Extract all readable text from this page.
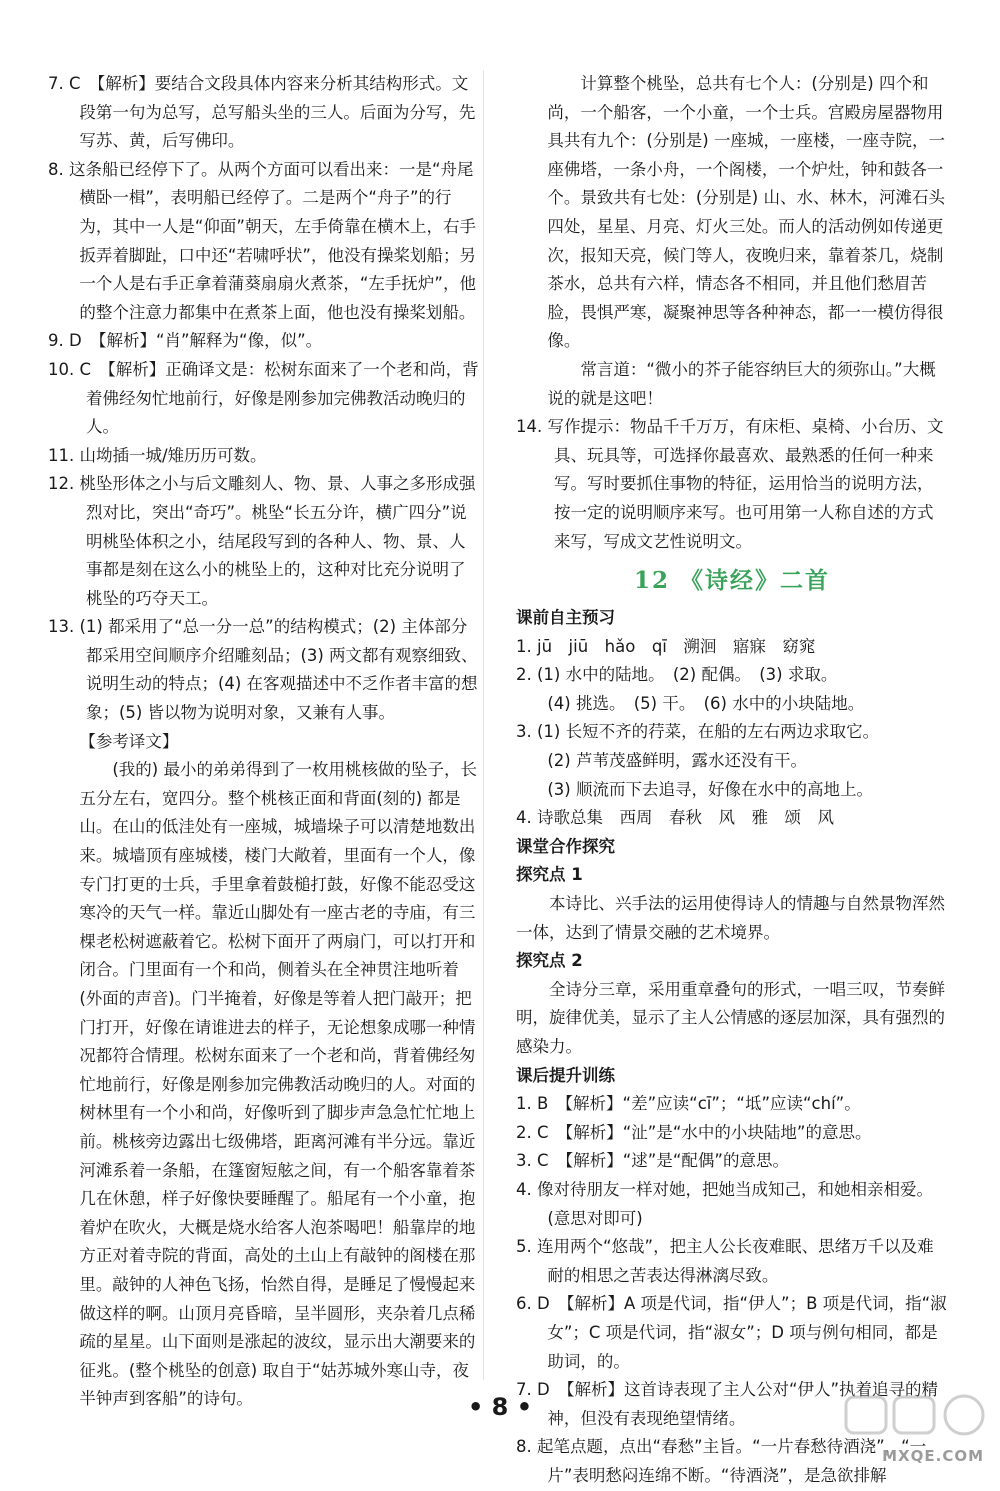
7. C　【解析】要结合文段具体内容来分析其结构形式。文段第一句为总写，总写船头坐的三人。后面为分写，先写苏、黄，后写佛印。

8. 这条船已经停下了。从两个方面可以看出来：一是“舟尾横卧一楫”，表明船已经停了。二是两个“舟子”的行为，其中一人是“仰面”朝天，左手倚靠在横木上，右手扳弄着脚趾，口中还“若啸呼状”，他没有操桨划船；另一个人是右手正拿着蒲葵扇扇火煮茶，“左手抚炉”，他的整个注意力都集中在煮茶上面，他也没有操桨划船。

9. D　【解析】“肖”解释为“像，似”。

10. C　【解析】正确译文是：松树东面来了一个老和尚，背着佛经匆忙地前行，好像是刚参加完佛教活动晚归的人。

11. 山坳插一城/雉历历可数。

12. 桃坠形体之小与后文雕刻人、物、景、人事之多形成强烈对比，突出“奇巧”。桃坠“长五分许，横广四分”说明桃坠体积之小，结尾段写到的各种人、物、景、人事都是刻在这么小的桃坠上的，这种对比充分说明了桃坠的巧夺天工。

13. (1) 都采用了“总一分一总”的结构模式；(2) 主体部分都采用空间顺序介绍雕刻品；(3) 两文都有观察细致、说明生动的特点；(4) 在客观描述中不乏作者丰富的想象；(5) 皆以物为说明对象，又兼有人事。

【参考译文】

(我的) 最小的弟弟得到了一枚用桃核做的坠子，长五分左右，宽四分。整个桃核正面和背面(刻的) 都是山。在山的低洼处有一座城，城墙垛子可以清楚地数出来。城墙顶有座城楼，楼门大敞着，里面有一个人，像专门打更的士兵，手里拿着鼓槌打鼓，好像不能忍受这寒冷的天气一样。靠近山脚处有一座古老的寺庙，有三棵老松树遮蔽着它。松树下面开了两扇门，可以打开和闭合。门里面有一个和尚，侧着头在全神贯注地听着 (外面的声音)。门半掩着，好像是等着人把门敲开；把门打开，好像在请谁进去的样子，无论想象成哪一种情况都符合情理。松树东面来了一个老和尚，背着佛经匆忙地前行，好像是刚参加完佛教活动晚归的人。对面的树林里有一个小和尚，好像听到了脚步声急急忙忙地上前。桃核旁边露出七级佛塔，距离河滩有半分远。靠近河滩系着一条船，在篷窗短舷之间，有一个船客靠着茶几在休憩，样子好像快要睡醒了。船尾有一个小童，抱着炉在吹火，大概是烧水给客人泡茶喝吧！船靠岸的地方正对着寺院的背面，高处的土山上有敲钟的阁楼在那里。敲钟的人神色飞扬，怡然自得，是睡足了慢慢起来做这样的啊。山顶月亮昏暗，呈半圆形，夹杂着几点稀疏的星星。山下面则是涨起的波纹，显示出大潮要来的征兆。(整个桃坠的创意) 取自于“姑苏城外寒山寺，夜半钟声到客船”的诗句。

计算整个桃坠，总共有七个人：(分别是) 四个和尚，一个船客，一个小童，一个士兵。宫殿房屋器物用具共有九个：(分别是) 一座城，一座楼，一座寺院，一座佛塔，一条小舟，一个阁楼，一个炉灶，钟和鼓各一个。景致共有七处：(分别是) 山、水、林木，河滩石头四处，星星、月亮、灯火三处。而人的活动例如传递更次，报知天亮，候门等人，夜晚归来，靠着茶几，烧制茶水，总共有六样，情态各不相同，并且他们愁眉苦脸，畏惧严寒，凝聚神思等各种神态，都一一模仿得很像。

常言道：“微小的芥子能容纳巨大的须弥山。”大概说的就是这吧！

14. 写作提示：物品千千万万，有床柜、桌椅、小台历、文具、玩具等，可选择你最喜欢、最熟悉的任何一种来写。写时要抓住事物的特征，运用恰当的说明方法，按一定的说明顺序来写。也可用第一人称自述的方式来写，写成文艺性说明文。

12 《诗经》二首

课前自主预习

1. jū　jiū　hǎo　qī　溯洄　寤寐　窈窕

2. (1) 水中的陆地。　(2) 配偶。　(3) 求取。

(4) 挑选。　(5) 干。　(6) 水中的小块陆地。

3. (1) 长短不齐的荇菜，在船的左右两边求取它。

(2) 芦苇茂盛鲜明，露水还没有干。

(3) 顺流而下去追寻，好像在水中的高地上。

4. 诗歌总集　西周　春秋　风　雅　颂　风

课堂合作探究

探究点 1

本诗比、兴手法的运用使得诗人的情趣与自然景物浑然一体，达到了情景交融的艺术境界。

探究点 2

全诗分三章，采用重章叠句的形式，一唱三叹，节奏鲜明，旋律优美，显示了主人公情感的逐层加深，具有强烈的感染力。

课后提升训练

1. B　【解析】“差”应读“cī”；“坻”应读“chí”。

2. C　【解析】“沚”是“水中的小块陆地”的意思。

3. C　【解析】“逑”是“配偶”的意思。

4. 像对待朋友一样对她，把她当成知己，和她相亲相爱。(意思对即可)

5. 连用两个“悠哉”，把主人公长夜难眠、思绪万千以及难耐的相思之苦表达得淋漓尽致。

6. D　【解析】A 项是代词，指“伊人”；B 项是代词，指“淑女”；C 项是代词，指“淑女”；D 项与例句相同，都是助词，的。

7. D　【解析】这首诗表现了主人公对“伊人”执着追寻的精神，但没有表现绝望情绪。

8. 起笔点题，点出“春愁”主旨。“一片春愁待酒浇”，“一片”表明愁闷连绵不断。“待酒浇”，是急欲排解

• 8 •
MXQE.COM
